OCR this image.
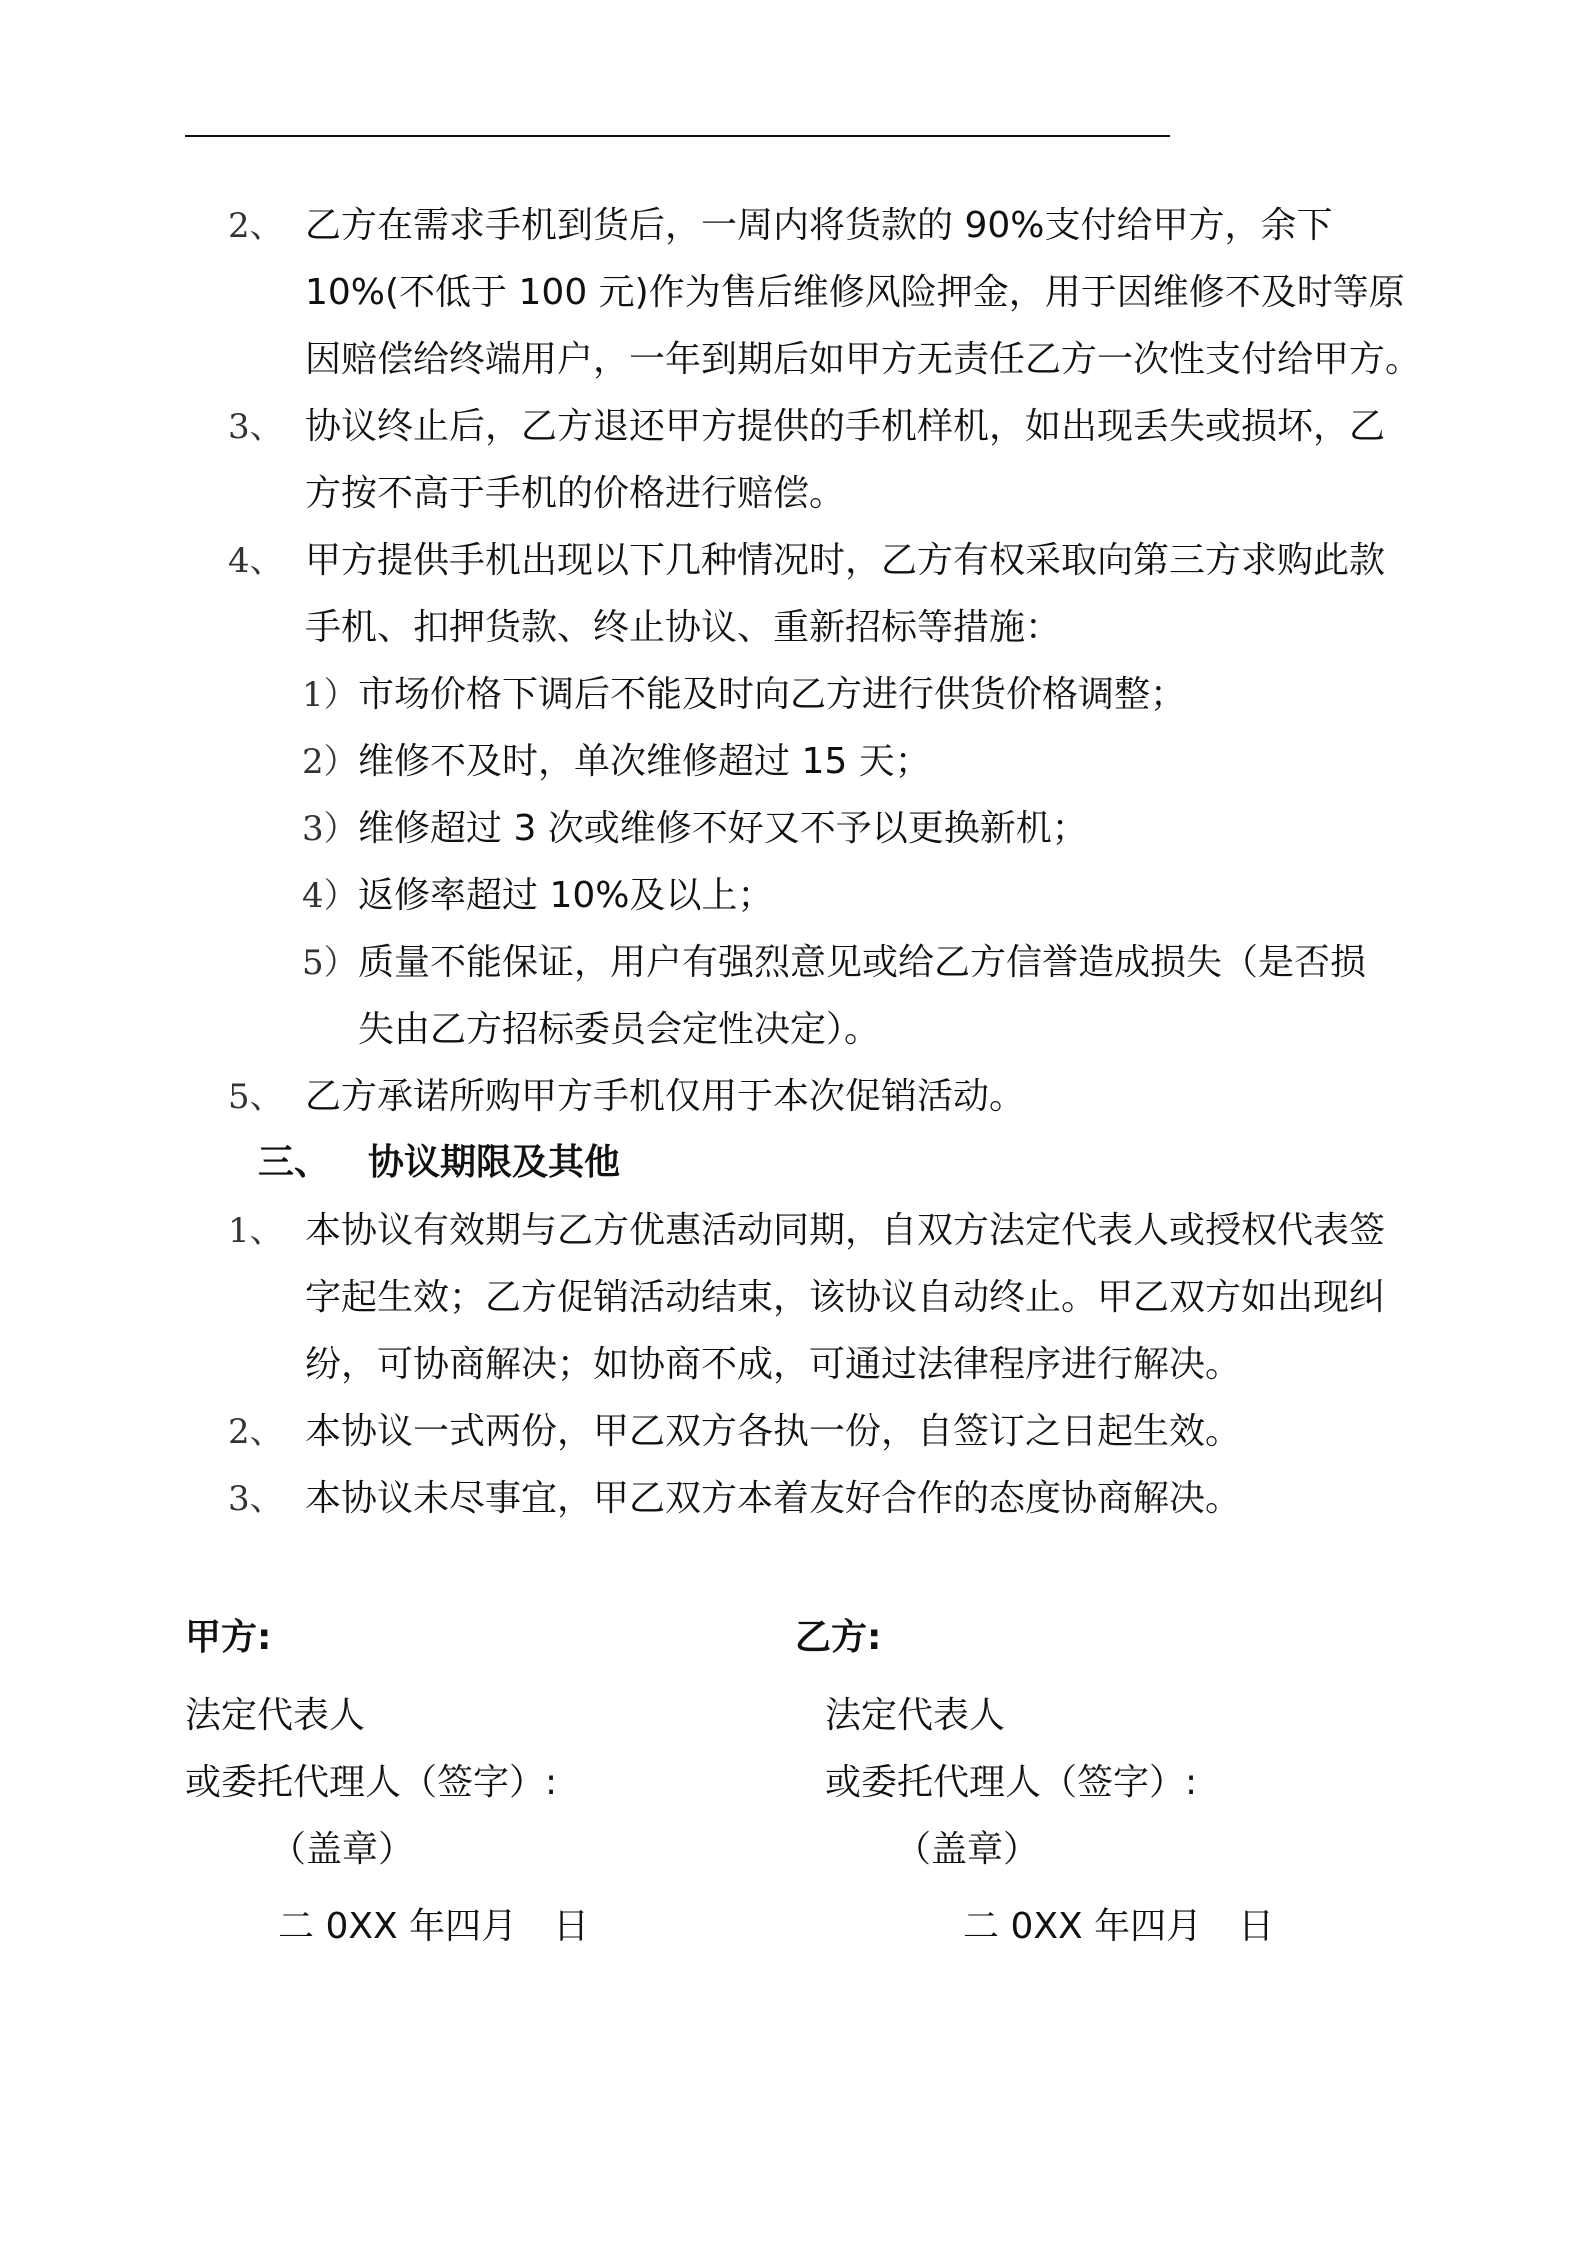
2、 乙方在需求手机到货后，一周内将货款的 90%支付给甲方，余下
10%(不低于 100 元)作为售后维修风险押金，用于因维修不及时等原
因赔偿给终端用户，一年到期后如甲方无责任乙方一次性支付给甲方。
3、 协议终止后，乙方退还甲方提供的手机样机，如出现丢失或损坏，乙
方按不高于手机的价格进行赔偿。
4、 甲方提供手机出现以下几种情况时，乙方有权采取向第三方求购此款
手机、扣押货款、终止协议、重新招标等措施：
1） 市场价格下调后不能及时向乙方进行供货价格调整；
2） 维修不及时，单次维修超过 15 天；
3） 维修超过 3 次或维修不好又不予以更换新机；
4） 返修率超过 10%及以上；
5） 质量不能保证，用户有强烈意见或给乙方信誉造成损失（是否损
失由乙方招标委员会定性决定）。
5、 乙方承诺所购甲方手机仅用于本次促销活动。
三、 协议期限及其他
1、 本协议有效期与乙方优惠活动同期，自双方法定代表人或授权代表签
字起生效；乙方促销活动结束，该协议自动终止。甲乙双方如出现纠
纷，可协商解决；如协商不成，可通过法律程序进行解决。
2、 本协议一式两份，甲乙双方各执一份，自签订之日起生效。
3、 本协议未尽事宜，甲乙双方本着友好合作的态度协商解决。
甲方:
法定代表人
或委托代理人（签字）:
（盖章）
二 0XX 年四月　日
乙方:
法定代表人
或委托代理人（签字）:
（盖章）
二 0XX 年四月　日
